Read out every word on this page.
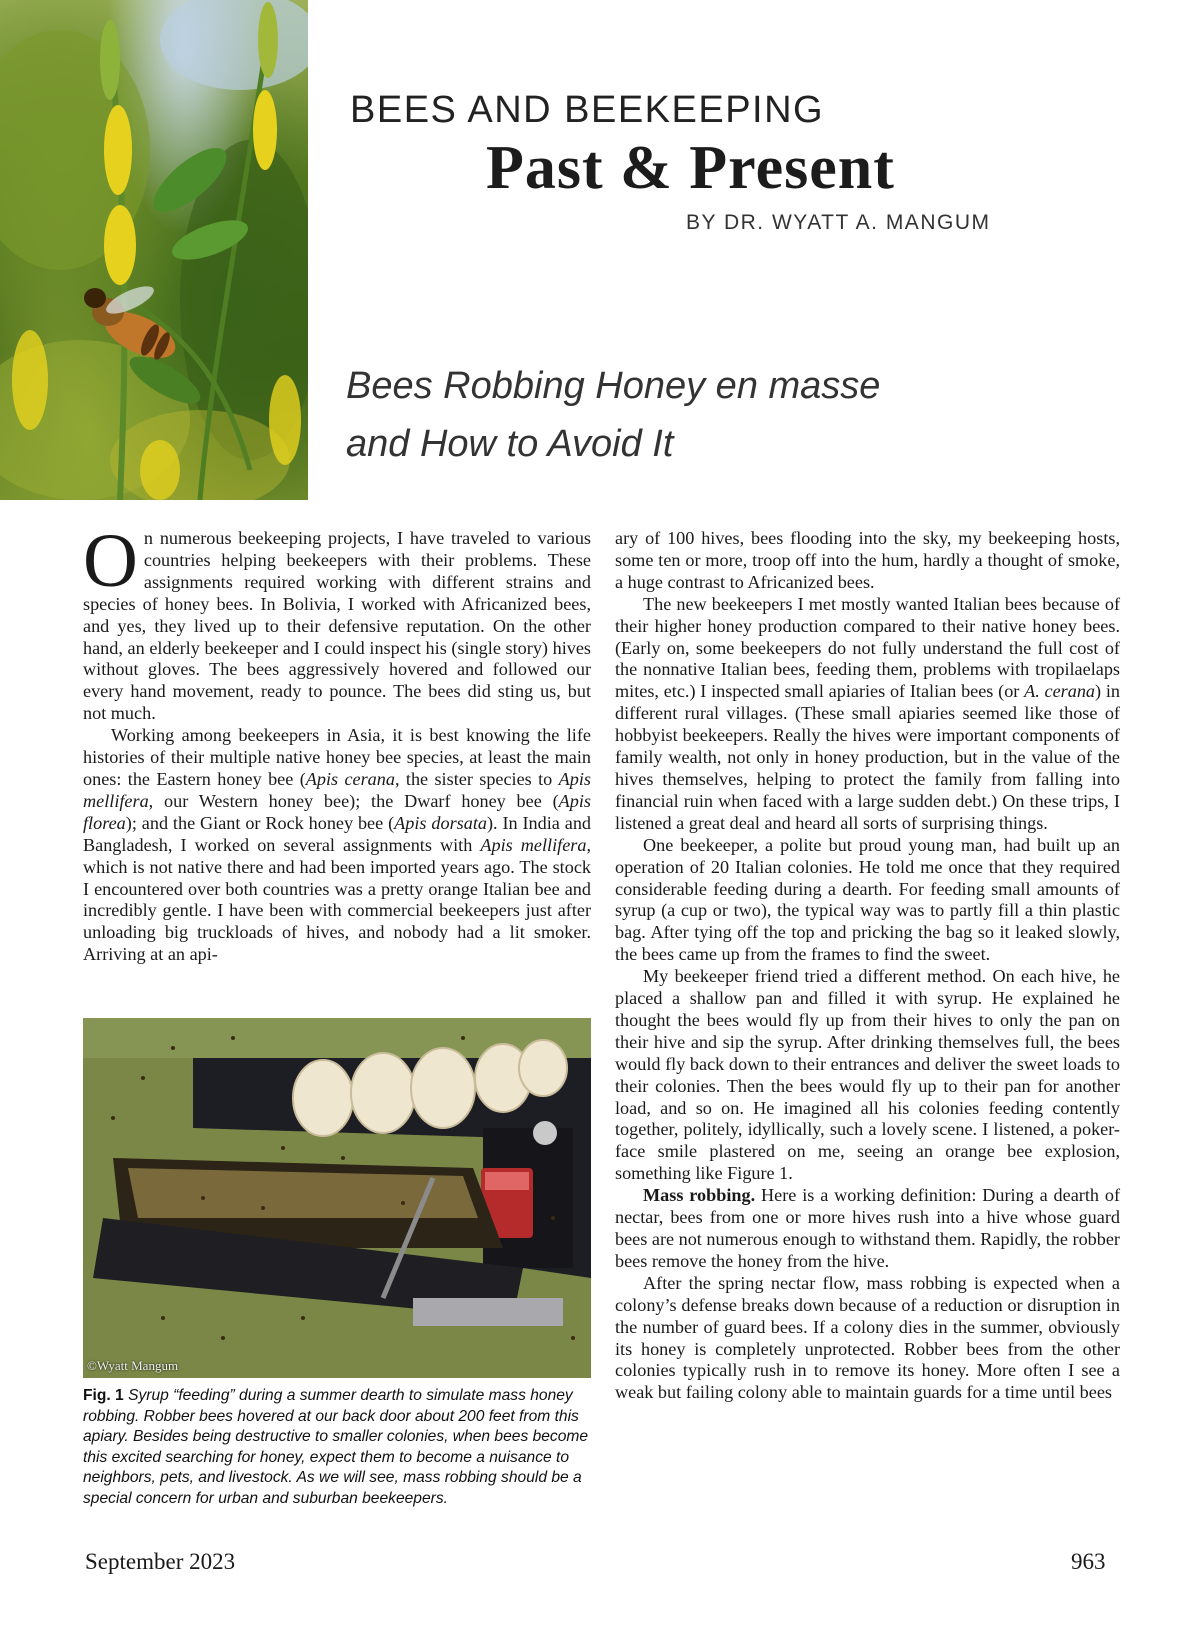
BEES AND BEEKEEPING
Past & Present
BY DR. WYATT A. MANGUM
Bees Robbing Honey en masse
and How to Avoid It

On numerous beekeeping projects, I have traveled to various countries helping beekeepers with their problems. These assignments required working with different strains and species of honey bees. In Bolivia, I worked with Africanized bees, and yes, they lived up to their defensive reputation. On the other hand, an elderly beekeeper and I could inspect his (single story) hives without gloves. The bees aggressively hovered and followed our every hand movement, ready to pounce. The bees did sting us, but not much.

Working among beekeepers in Asia, it is best knowing the life histories of their multiple native honey bee species, at least the main ones: the Eastern honey bee (Apis cerana, the sister species to Apis mellifera, our Western honey bee); the Dwarf honey bee (Apis florea); and the Giant or Rock honey bee (Apis dorsata). In India and Bangladesh, I worked on several assignments with Apis mellifera, which is not native there and had been imported years ago. The stock I encountered over both countries was a pretty orange Italian bee and incredibly gentle. I have been with commercial beekeepers just after unloading big truckloads of hives, and nobody had a lit smoker. Arriving at an api-

©Wyatt Mangum
Fig. 1 Syrup “feeding” during a summer dearth to simulate mass honey robbing. Robber bees hovered at our back door about 200 feet from this apiary. Besides being destructive to smaller colonies, when bees become this excited searching for honey, expect them to become a nuisance to neighbors, pets, and livestock. As we will see, mass robbing should be a special concern for urban and suburban beekeepers.

ary of 100 hives, bees flooding into the sky, my beekeeping hosts, some ten or more, troop off into the hum, hardly a thought of smoke, a huge contrast to Africanized bees.

The new beekeepers I met mostly wanted Italian bees because of their higher honey production compared to their native honey bees. (Early on, some beekeepers do not fully understand the full cost of the nonnative Italian bees, feeding them, problems with tropilaelaps mites, etc.) I inspected small apiaries of Italian bees (or A. cerana) in different rural villages. (These small apiaries seemed like those of hobbyist beekeepers. Really the hives were important components of family wealth, not only in honey production, but in the value of the hives themselves, helping to protect the family from falling into financial ruin when faced with a large sudden debt.) On these trips, I listened a great deal and heard all sorts of surprising things.

One beekeeper, a polite but proud young man, had built up an operation of 20 Italian colonies. He told me once that they required considerable feeding during a dearth. For feeding small amounts of syrup (a cup or two), the typical way was to partly fill a thin plastic bag. After tying off the top and pricking the bag so it leaked slowly, the bees came up from the frames to find the sweet.

My beekeeper friend tried a different method. On each hive, he placed a shallow pan and filled it with syrup. He explained he thought the bees would fly up from their hives to only the pan on their hive and sip the syrup. After drinking themselves full, the bees would fly back down to their entrances and deliver the sweet loads to their colonies. Then the bees would fly up to their pan for another load, and so on. He imagined all his colonies feeding contently together, politely, idyllically, such a lovely scene. I listened, a poker-face smile plastered on me, seeing an orange bee explosion, something like Figure 1.

Mass robbing. Here is a working definition: During a dearth of nectar, bees from one or more hives rush into a hive whose guard bees are not numerous enough to withstand them. Rapidly, the robber bees remove the honey from the hive.

After the spring nectar flow, mass robbing is expected when a colony’s defense breaks down because of a reduction or disruption in the number of guard bees. If a colony dies in the summer, obviously its honey is completely unprotected. Robber bees from the other colonies typically rush in to remove its honey. More often I see a weak but failing colony able to maintain guards for a time until bees

September 2023	963
